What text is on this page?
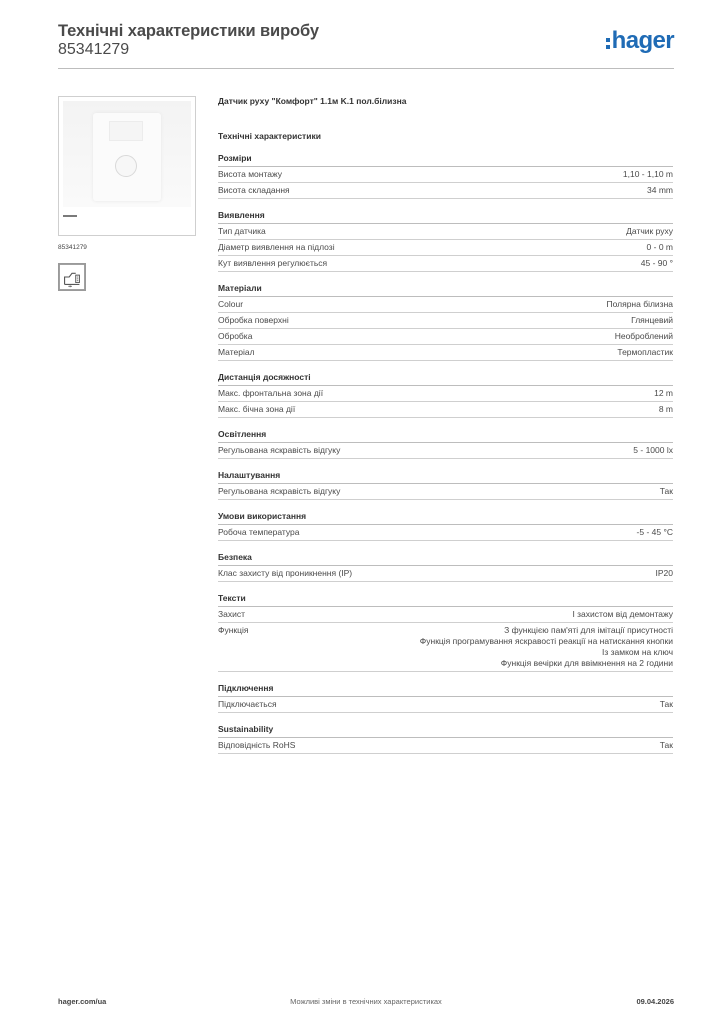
Технічні характеристики виробу
85341279	hager
85341279
Датчик руху "Комфорт" 1.1м K.1 пол.білизна
Технічні характеристики
Розміри
Висота монтажу	1,10 - 1,10 m
Висота складання	34 mm
Виявлення
Тип датчика	Датчик руху
Діаметр виявлення на підлозі	0 - 0 m
Кут виявлення регулюється	45 - 90 °
Матеріали
Colour	Полярна білизна
Обробка поверхні	Глянцевий
Обробка	Необроблений
Матеріал	Термопластик
Дистанція досяжності
Макс. фронтальна зона дії	12 m
Макс. бічна зона дії	8 m
Освітлення
Регульована яскравість відгуку	5 - 1000 lx
Налаштування
Регульована яскравість відгуку	Так
Умови використання
Робоча температура	-5 - 45 °C
Безпека
Клас захисту від проникнення (IP)	IP20
Тексти
Захист	І захистом від демонтажу
Функція	З функцією пам'яті для імітації присутності
Функція програмування яскравості реакції на натискання кнопки
Із замком на ключ
Функція вечірки для ввімкнення на 2 години
Підключення
Підключається	Так
Sustainability
Відповідність RoHS	Так
hager.com/ua	Можливі зміни в технічних характеристиках	09.04.2026
